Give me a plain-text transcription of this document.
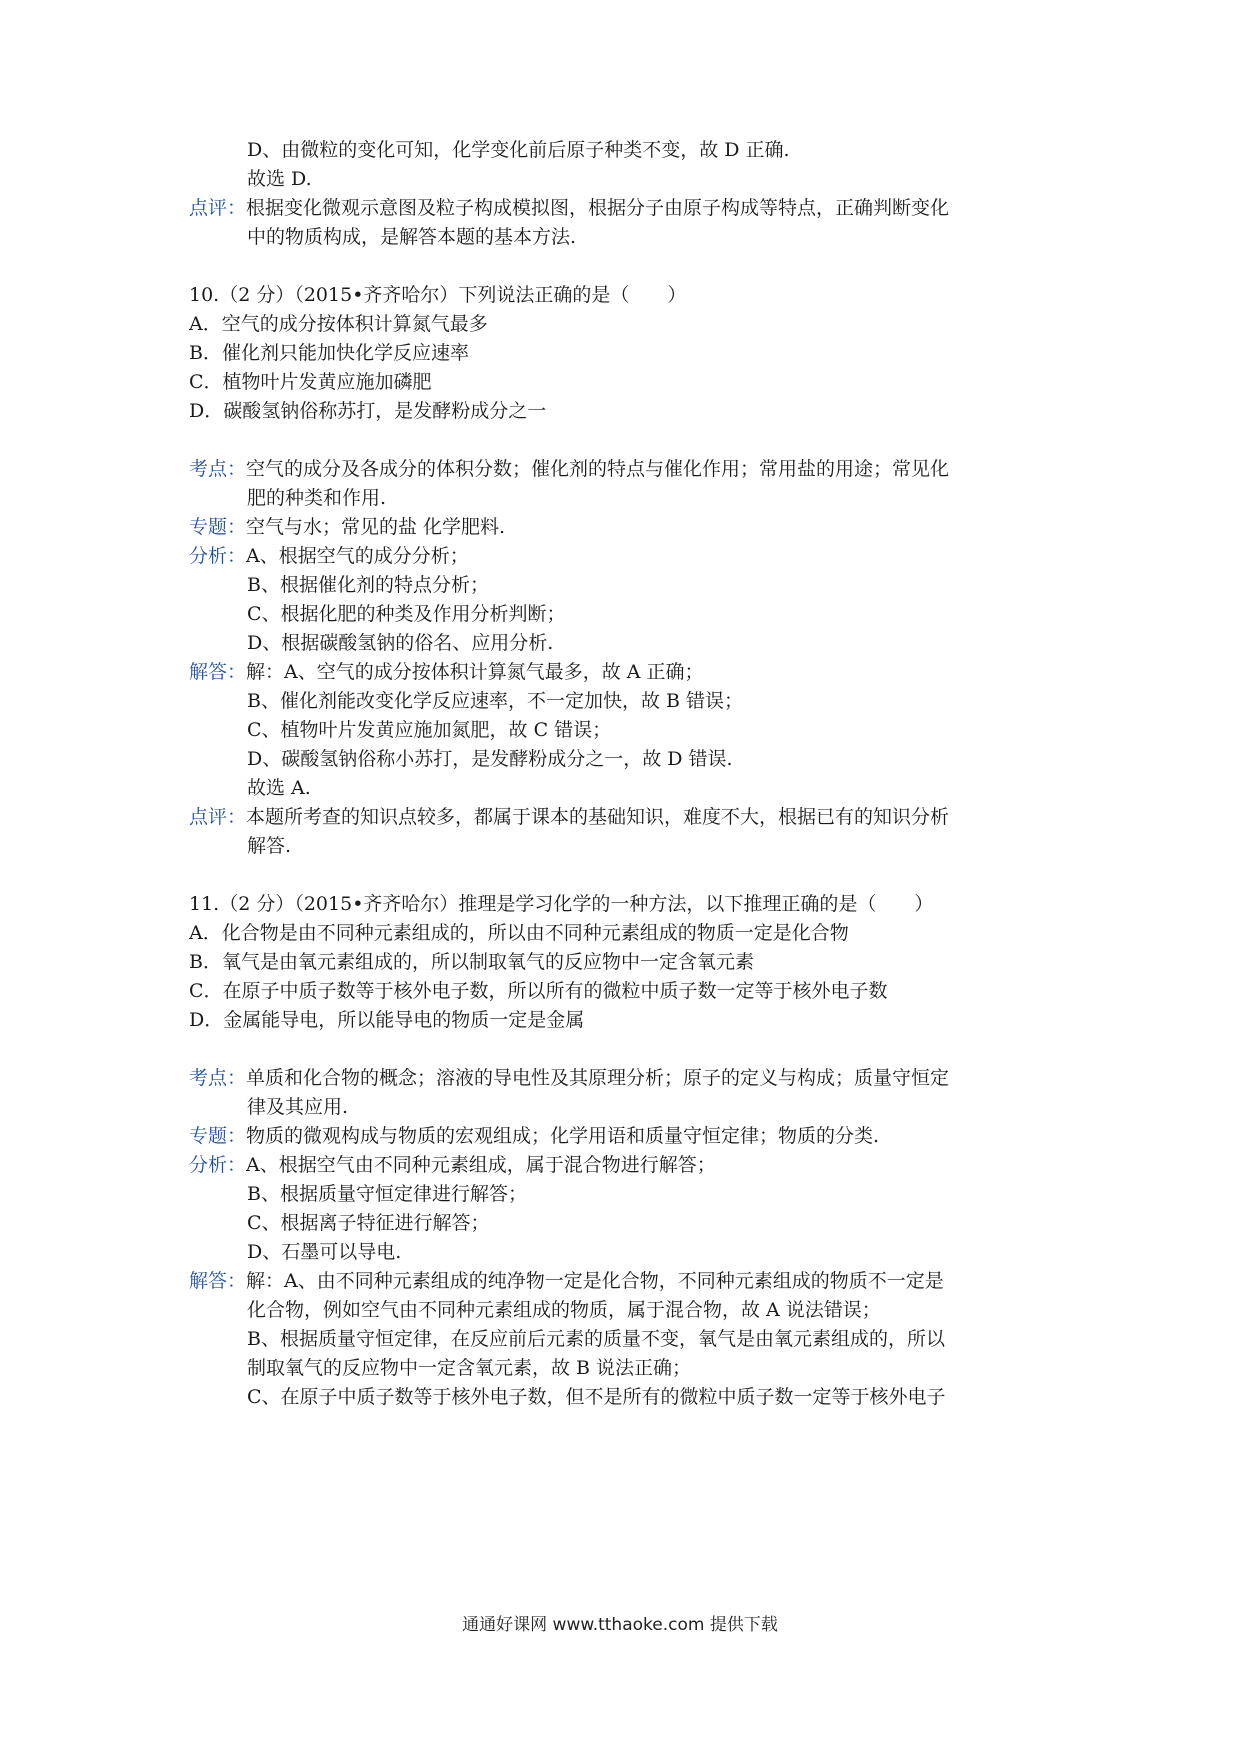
D、由微粒的变化可知，化学变化前后原子种类不变，故 D 正确.
故选 D.
点评：根据变化微观示意图及粒子构成模拟图，根据分子由原子构成等特点，正确判断变化
中的物质构成，是解答本题的基本方法.
10.（2 分）（2015•齐齐哈尔）下列说法正确的是（　　）
A．空气的成分按体积计算氮气最多
B．催化剂只能加快化学反应速率
C．植物叶片发黄应施加磷肥
D．碳酸氢钠俗称苏打，是发酵粉成分之一
考点：空气的成分及各成分的体积分数；催化剂的特点与催化作用；常用盐的用途；常见化
肥的种类和作用.
专题：空气与水；常见的盐 化学肥料.
分析：A、根据空气的成分分析；
B、根据催化剂的特点分析；
C、根据化肥的种类及作用分析判断；
D、根据碳酸氢钠的俗名、应用分析.
解答：解：A、空气的成分按体积计算氮气最多，故 A 正确；
B、催化剂能改变化学反应速率，不一定加快，故 B 错误；
C、植物叶片发黄应施加氮肥，故 C 错误；
D、碳酸氢钠俗称小苏打，是发酵粉成分之一，故 D 错误.
故选 A.
点评：本题所考查的知识点较多，都属于课本的基础知识，难度不大，根据已有的知识分析
解答.
11.（2 分）（2015•齐齐哈尔）推理是学习化学的一种方法，以下推理正确的是（　　）
A．化合物是由不同种元素组成的，所以由不同种元素组成的物质一定是化合物
B．氧气是由氧元素组成的，所以制取氧气的反应物中一定含氧元素
C．在原子中质子数等于核外电子数，所以所有的微粒中质子数一定等于核外电子数
D．金属能导电，所以能导电的物质一定是金属
考点：单质和化合物的概念；溶液的导电性及其原理分析；原子的定义与构成；质量守恒定
律及其应用.
专题：物质的微观构成与物质的宏观组成；化学用语和质量守恒定律；物质的分类.
分析：A、根据空气由不同种元素组成，属于混合物进行解答；
B、根据质量守恒定律进行解答；
C、根据离子特征进行解答；
D、石墨可以导电.
解答：解：A、由不同种元素组成的纯净物一定是化合物，不同种元素组成的物质不一定是
化合物，例如空气由不同种元素组成的物质，属于混合物，故 A 说法错误；
B、根据质量守恒定律，在反应前后元素的质量不变，氧气是由氧元素组成的，所以
制取氧气的反应物中一定含氧元素，故 B 说法正确；
C、在原子中质子数等于核外电子数，但不是所有的微粒中质子数一定等于核外电子
通通好课网 www.tthaoke.com 提供下载
